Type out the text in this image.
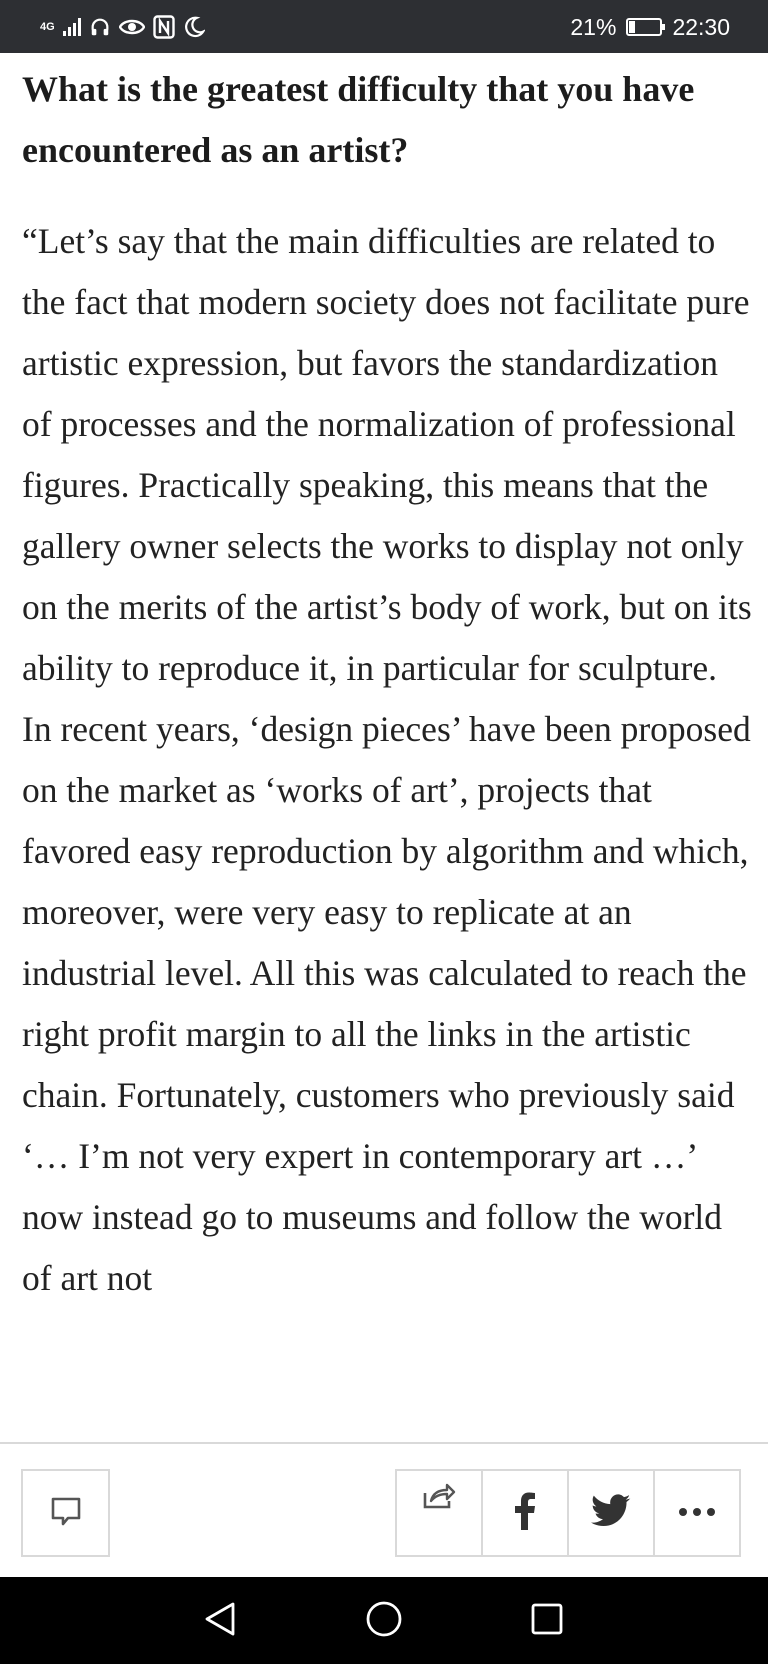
4G	21% 22:30
What is the greatest difficulty that you have encountered as an artist?

“Let’s say that the main difficulties are related to the fact that modern society does not facilitate pure artistic expression, but favors the standardization of processes and the normalization of professional figures. Practically speaking, this means that the gallery owner selects the works to display not only on the merits of the artist’s body of work, but on its ability to reproduce it, in particular for sculpture. In recent years, ‘design pieces’ have been proposed on the market as ‘works of art’, projects that favored easy reproduction by algorithm and which, moreover, were very easy to replicate at an industrial level. All this was calculated to reach the right profit margin to all the links in the artistic chain. Fortunately, customers who previously said ‘… I’m not very expert in contemporary art …’ now instead go to museums and follow the world of art not
